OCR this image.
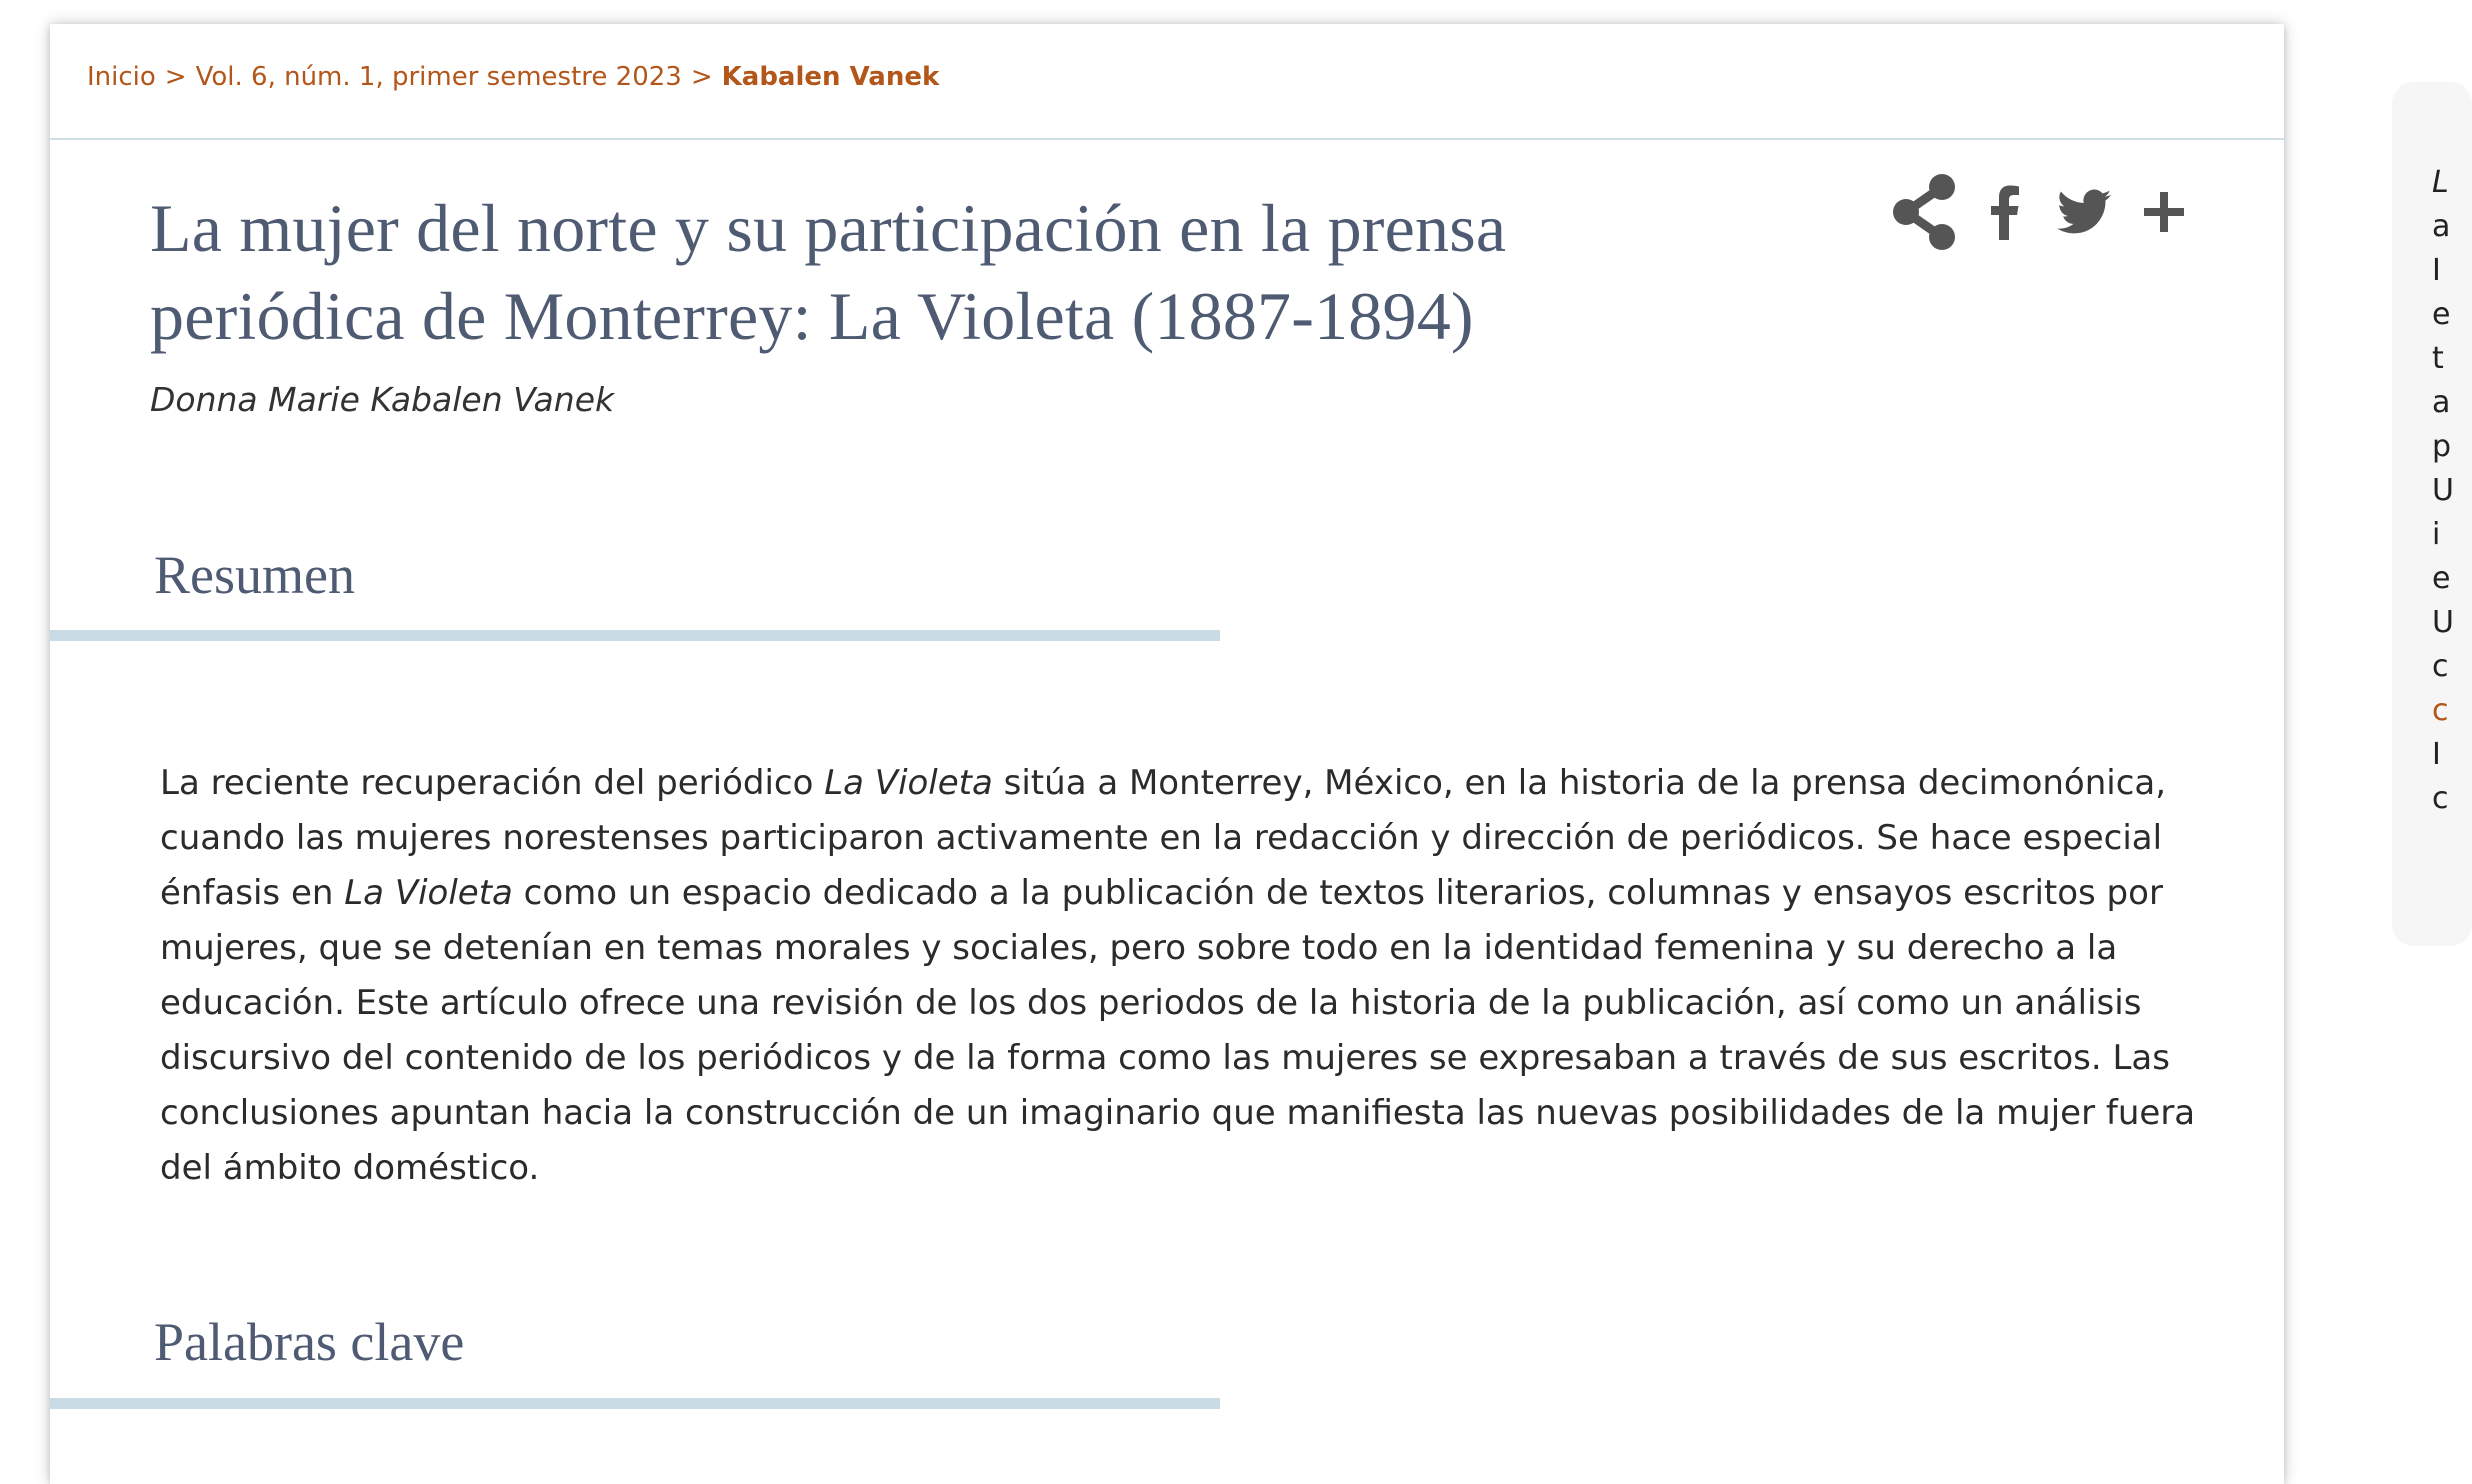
Inicio > Vol. 6, núm. 1, primer semestre 2023 > Kabalen Vanek
La mujer del norte y su participación en la prensa periódica de Monterrey: La Violeta (1887-1894)

Donna Marie Kabalen Vanek

Resumen

La reciente recuperación del periódico La Violeta sitúa a Monterrey, México, en la historia de la prensa decimonónica, cuando las mujeres norestenses participaron activamente en la redacción y dirección de periódicos. Se hace especial énfasis en La Violeta como un espacio dedicado a la publicación de textos literarios, columnas y ensayos escritos por mujeres, que se detenían en temas morales y sociales, pero sobre todo en la identidad femenina y su derecho a la educación. Este artículo ofrece una revisión de los dos periodos de la historia de la publicación, así como un análisis discursivo del contenido de los periódicos y de la forma como las mujeres se expresaban a través de sus escritos. Las conclusiones apuntan hacia la construcción de un imaginario que manifiesta las nuevas posibilidades de la mujer fuera del ámbito doméstico.

Palabras clave
L
a
I
e
t
a
p
U
i
e
U
c
c
I
c
